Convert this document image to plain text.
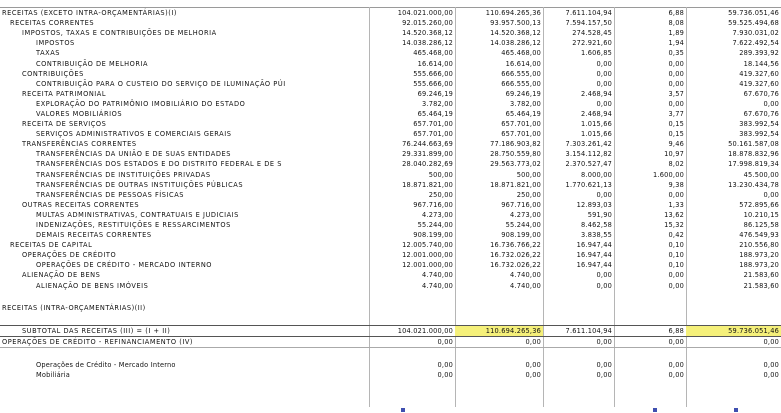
RECEITAS (EXCETO INTRA-ORÇAMENTÁRIAS)(I)	104.021.000,00	110.694.265,36	7.611.104,94	6,88	59.736.051,46
RECEITAS CORRENTES	92.015.260,00	93.957.500,13	7.594.157,50	8,08	59.525.494,68
IMPOSTOS, TAXAS E CONTRIBUIÇÕES DE MELHORIA	14.520.368,12	14.520.368,12	274.528,45	1,89	7.930.031,02
IMPOSTOS	14.038.286,12	14.038.286,12	272.921,60	1,94	7.622.492,54
TAXAS	465.468,00	465.468,00	1.606,85	0,35	289.393,92
CONTRIBUIÇÃO DE MELHORIA	16.614,00	16.614,00	0,00	0,00	18.144,56
CONTRIBUIÇÕES	555.666,00	666.555,00	0,00	0,00	419.327,60
CONTRIBUIÇÃO PARA O CUSTEIO DO SERVIÇO DE ILUMINAÇÃO PÚI	555.666,00	666.555,00	0,00	0,00	419.327,60
RECEITA PATRIMONIAL	69.246,19	69.246,19	2.468,94	3,57	67.670,76
EXPLORAÇÃO DO PATRIMÔNIO IMOBILIÁRIO DO ESTADO	3.782,00	3.782,00	0,00	0,00	0,00
VALORES MOBILIÁRIOS	65.464,19	65.464,19	2.468,94	3,77	67.670,76
RECEITA DE SERVIÇOS	657.701,00	657.701,00	1.015,66	0,15	383.992,54
SERVIÇOS ADMINISTRATIVOS E COMERCIAIS GERAIS	657.701,00	657.701,00	1.015,66	0,15	383.992,54
TRANSFERÊNCIAS CORRENTES	76.244.663,69	77.186.903,82	7.303.261,42	9,46	50.161.587,08
TRANSFERÊNCIAS DA UNIÃO E DE SUAS ENTIDADES	29.331.899,00	28.750.559,80	3.154.112,82	10,97	18.878.832,96
TRANSFERÊNCIAS DOS ESTADOS E DO DISTRITO FEDERAL E DE S	28.040.282,69	29.563.773,02	2.370.527,47	8,02	17.998.819,34
TRANSFERÊNCIAS DE INSTITUIÇÕES PRIVADAS	500,00	500,00	8.000,00	1.600,00	45.500,00
TRANSFERÊNCIAS DE OUTRAS INSTITUIÇÕES PÚBLICAS	18.871.821,00	18.871.821,00	1.770.621,13	9,38	13.230.434,78
TRANSFERÊNCIAS DE PESSOAS FÍSICAS	250,00	250,00	0,00	0,00	0,00
OUTRAS RECEITAS CORRENTES	967.716,00	967.716,00	12.893,03	1,33	572.895,66
MULTAS ADMINISTRATIVAS, CONTRATUAIS E JUDICIAIS	4.273,00	4.273,00	591,90	13,62	10.210,15
INDENIZAÇÕES, RESTITUIÇÕES E RESSARCIMENTOS	55.244,00	55.244,00	8.462,58	15,32	86.125,58
DEMAIS RECEITAS CORRENTES	908.199,00	908.199,00	3.838,55	0,42	476.549,93
RECEITAS DE CAPITAL	12.005.740,00	16.736.766,22	16.947,44	0,10	210.556,80
OPERAÇÕES DE CRÉDITO	12.001.000,00	16.732.026,22	16.947,44	0,10	188.973,20
OPERAÇÕES DE CRÉDITO - MERCADO INTERNO	12.001.000,00	16.732.026,22	16.947,44	0,10	188.973,20
ALIENAÇÃO DE BENS	4.740,00	4.740,00	0,00	0,00	21.583,60
ALIENAÇÃO DE BENS IMÓVEIS	4.740,00	4.740,00	0,00	0,00	21.583,60

RECEITAS (INTRA-ORÇAMENTÁRIAS)(II)					

SUBTOTAL DAS RECEITAS (III) = (I + II)	104.021.000,00	110.694.265,36	7.611.104,94	6,88	59.736.051,46
OPERAÇÕES DE CRÉDITO - REFINANCIAMENTO (IV)	0,00	0,00	0,00	0,00	0,00

Operações de Crédito - Mercado Interno	0,00	0,00	0,00	0,00	0,00
Mobiliária	0,00	0,00	0,00	0,00	0,00
